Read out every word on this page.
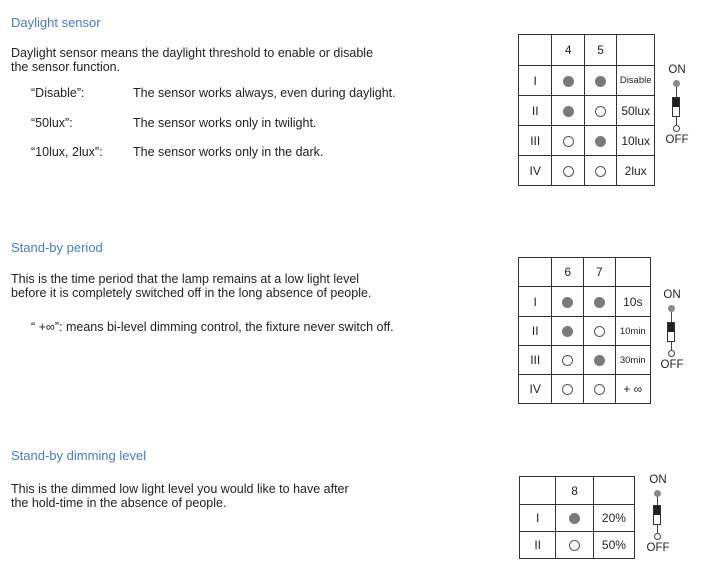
Daylight sensor
Daylight sensor means the daylight threshold to enable or disable
the sensor function.
“Disable”:	The sensor works always, even during daylight.
“50lux”:	The sensor works only in twilight.
“10lux, 2lux”: The sensor works only in the dark.
	4	5	
I			Disable
II			50lux
III			10lux
IV			2lux
ON
OFF
Stand-by period
This is the time period that the lamp remains at a low light level
before it is completely switched off in the long absence of people.
“ +∞”: means bi-level dimming control, the fixture never switch off.
	6	7	
I			10s
II			10min
III			30min
IV			+ ∞
ON
OFF
Stand-by dimming level
This is the dimmed low light level you would like to have after
the hold-time in the absence of people.
	8	
I		20%
II		50%
ON
OFF
